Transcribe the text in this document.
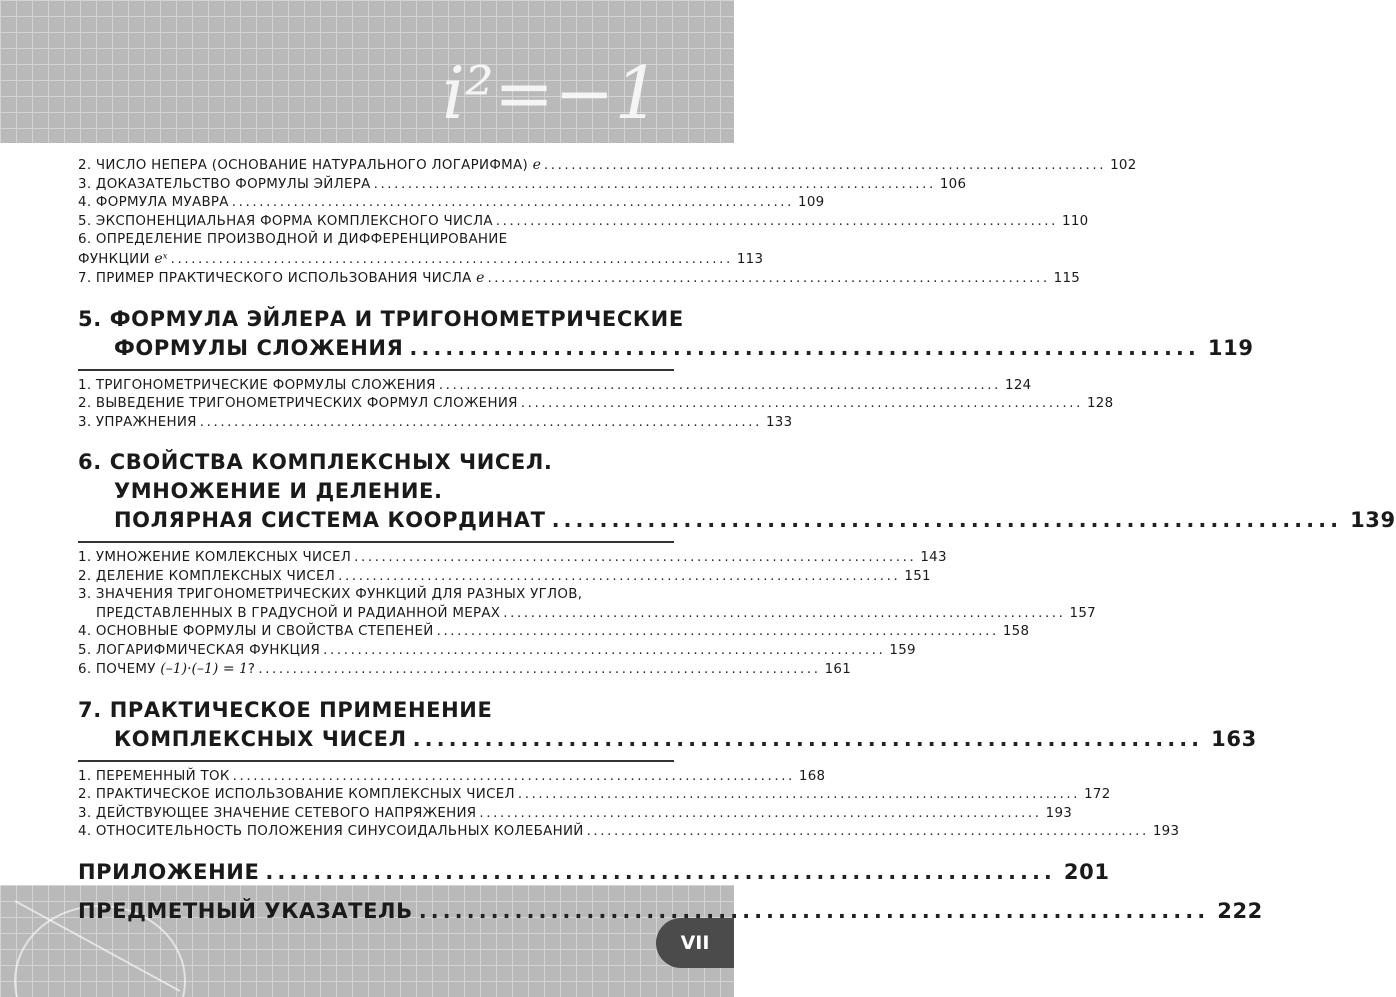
i²=−1
VII
2. ЧИСЛО НЕПЕРА (ОСНОВАНИЕ НАТУРАЛЬНОГО ЛОГАРИФМА) e .................................................................................. 102
3. ДОКАЗАТЕЛЬСТВО ФОРМУЛЫ ЭЙЛЕРА .................................................................................. 106
4. ФОРМУЛА МУАВРА .................................................................................. 109
5. ЭКСПОНЕНЦИАЛЬНАЯ ФОРМА КОМПЛЕКСНОГО ЧИСЛА .................................................................................. 110
6. ОПРЕДЕЛЕНИЕ ПРОИЗВОДНОЙ И ДИФФЕРЕНЦИРОВАНИЕ
ФУНКЦИИ eˣ .................................................................................. 113
7. ПРИМЕР ПРАКТИЧЕСКОГО ИСПОЛЬЗОВАНИЯ ЧИСЛА e .................................................................................. 115
5. ФОРМУЛА ЭЙЛЕРА И ТРИГОНОМЕТРИЧЕСКИЕ
ФОРМУЛЫ СЛОЖЕНИЯ .................................................................. 119
1. ТРИГОНОМЕТРИЧЕСКИЕ ФОРМУЛЫ СЛОЖЕНИЯ .................................................................................. 124
2. ВЫВЕДЕНИЕ ТРИГОНОМЕТРИЧЕСКИХ ФОРМУЛ СЛОЖЕНИЯ .................................................................................. 128
3. УПРАЖНЕНИЯ .................................................................................. 133
6. СВОЙСТВА КОМПЛЕКСНЫХ ЧИСЕЛ.
УМНОЖЕНИЕ И ДЕЛЕНИЕ.
ПОЛЯРНАЯ СИСТЕМА КООРДИНАТ .................................................................. 139
1. УМНОЖЕНИЕ КОМЛЕКСНЫХ ЧИСЕЛ .................................................................................. 143
2. ДЕЛЕНИЕ КОМПЛЕКСНЫХ ЧИСЕЛ .................................................................................. 151
3. ЗНАЧЕНИЯ ТРИГОНОМЕТРИЧЕСКИХ ФУНКЦИЙ ДЛЯ РАЗНЫХ УГЛОВ,
ПРЕДСТАВЛЕННЫХ В ГРАДУСНОЙ И РАДИАННОЙ МЕРАХ .................................................................................. 157
4. ОСНОВНЫЕ ФОРМУЛЫ И СВОЙСТВА СТЕПЕНЕЙ .................................................................................. 158
5. ЛОГАРИФМИЧЕСКАЯ ФУНКЦИЯ .................................................................................. 159
6. ПОЧЕМУ (–1)·(–1) = 1? .................................................................................. 161
7. ПРАКТИЧЕСКОЕ ПРИМЕНЕНИЕ
КОМПЛЕКСНЫХ ЧИСЕЛ .................................................................. 163
1. ПЕРЕМЕННЫЙ ТОК .................................................................................. 168
2. ПРАКТИЧЕСКОЕ ИСПОЛЬЗОВАНИЕ КОМПЛЕКСНЫХ ЧИСЕЛ .................................................................................. 172
3. ДЕЙСТВУЮЩЕЕ ЗНАЧЕНИЕ СЕТЕВОГО НАПРЯЖЕНИЯ .................................................................................. 193
4. ОТНОСИТЕЛЬНОСТЬ ПОЛОЖЕНИЯ СИНУСОИДАЛЬНЫХ КОЛЕБАНИЙ .................................................................................. 193
ПРИЛОЖЕНИЕ .................................................................. 201
ПРЕДМЕТНЫЙ УКАЗАТЕЛЬ .................................................................. 222
